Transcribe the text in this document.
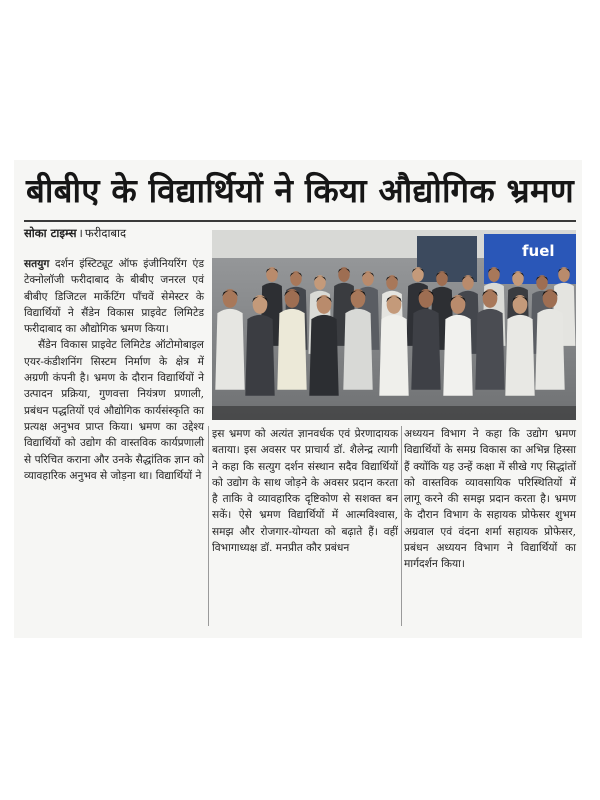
बीबीए के विद्यार्थियों ने किया औद्योगिक भ्रमण
सोका टाइम्स । फरीदाबाद

सतयुग दर्शन इंस्टिट्यूट ऑफ इंजीनियरिंग एंड टेक्नोलॉजी फरीदाबाद के बीबीए जनरल एवं बीबीए डिजिटल मार्केटिंग पाँचवें सेमेस्टर के विद्यार्थियों ने सैंडेन विकास प्राइवेट लिमिटेड फरीदाबाद का औद्योगिक भ्रमण किया।

सैंडेन विकास प्राइवेट लिमिटेड ऑटोमोबाइल एयर-कंडीशनिंग सिस्टम निर्माण के क्षेत्र में अग्रणी कंपनी है। भ्रमण के दौरान विद्यार्थियों ने उत्पादन प्रक्रिया, गुणवत्ता नियंत्रण प्रणाली, प्रबंधन पद्धतियों एवं औद्योगिक कार्यसंस्कृति का प्रत्यक्ष अनुभव प्राप्त किया। भ्रमण का उद्देश्य विद्यार्थियों को उद्योग की वास्तविक कार्यप्रणाली से परिचित कराना और उनके सैद्धांतिक ज्ञान को व्यावहारिक अनुभव से जोड़ना था। विद्यार्थियों ने

fuel

इस भ्रमण को अत्यंत ज्ञानवर्धक एवं प्रेरणादायक बताया। इस अवसर पर प्राचार्य डॉ. शैलेन्द्र त्यागी ने कहा कि सत्युग दर्शन संस्थान सदैव विद्यार्थियों को उद्योग के साथ जोड़ने के अवसर प्रदान करता है ताकि वे व्यावहारिक दृष्टिकोण से सशक्त बन सकें। ऐसे भ्रमण विद्यार्थियों में आत्मविश्वास, समझ और रोजगार-योग्यता को बढ़ाते हैं। वहीं विभागाध्यक्ष डॉ. मनप्रीत कौर प्रबंधन

अध्ययन विभाग ने कहा कि उद्योग भ्रमण विद्यार्थियों के समग्र विकास का अभिन्न हिस्सा हैं क्योंकि यह उन्हें कक्षा में सीखे गए सिद्धांतों को वास्तविक व्यावसायिक परिस्थितियों में लागू करने की समझ प्रदान करता है। भ्रमण के दौरान विभाग के सहायक प्रोफेसर शुभम अग्रवाल एवं वंदना शर्मा सहायक प्रोफेसर, प्रबंधन अध्ययन विभाग ने विद्यार्थियों का मार्गदर्शन किया।
